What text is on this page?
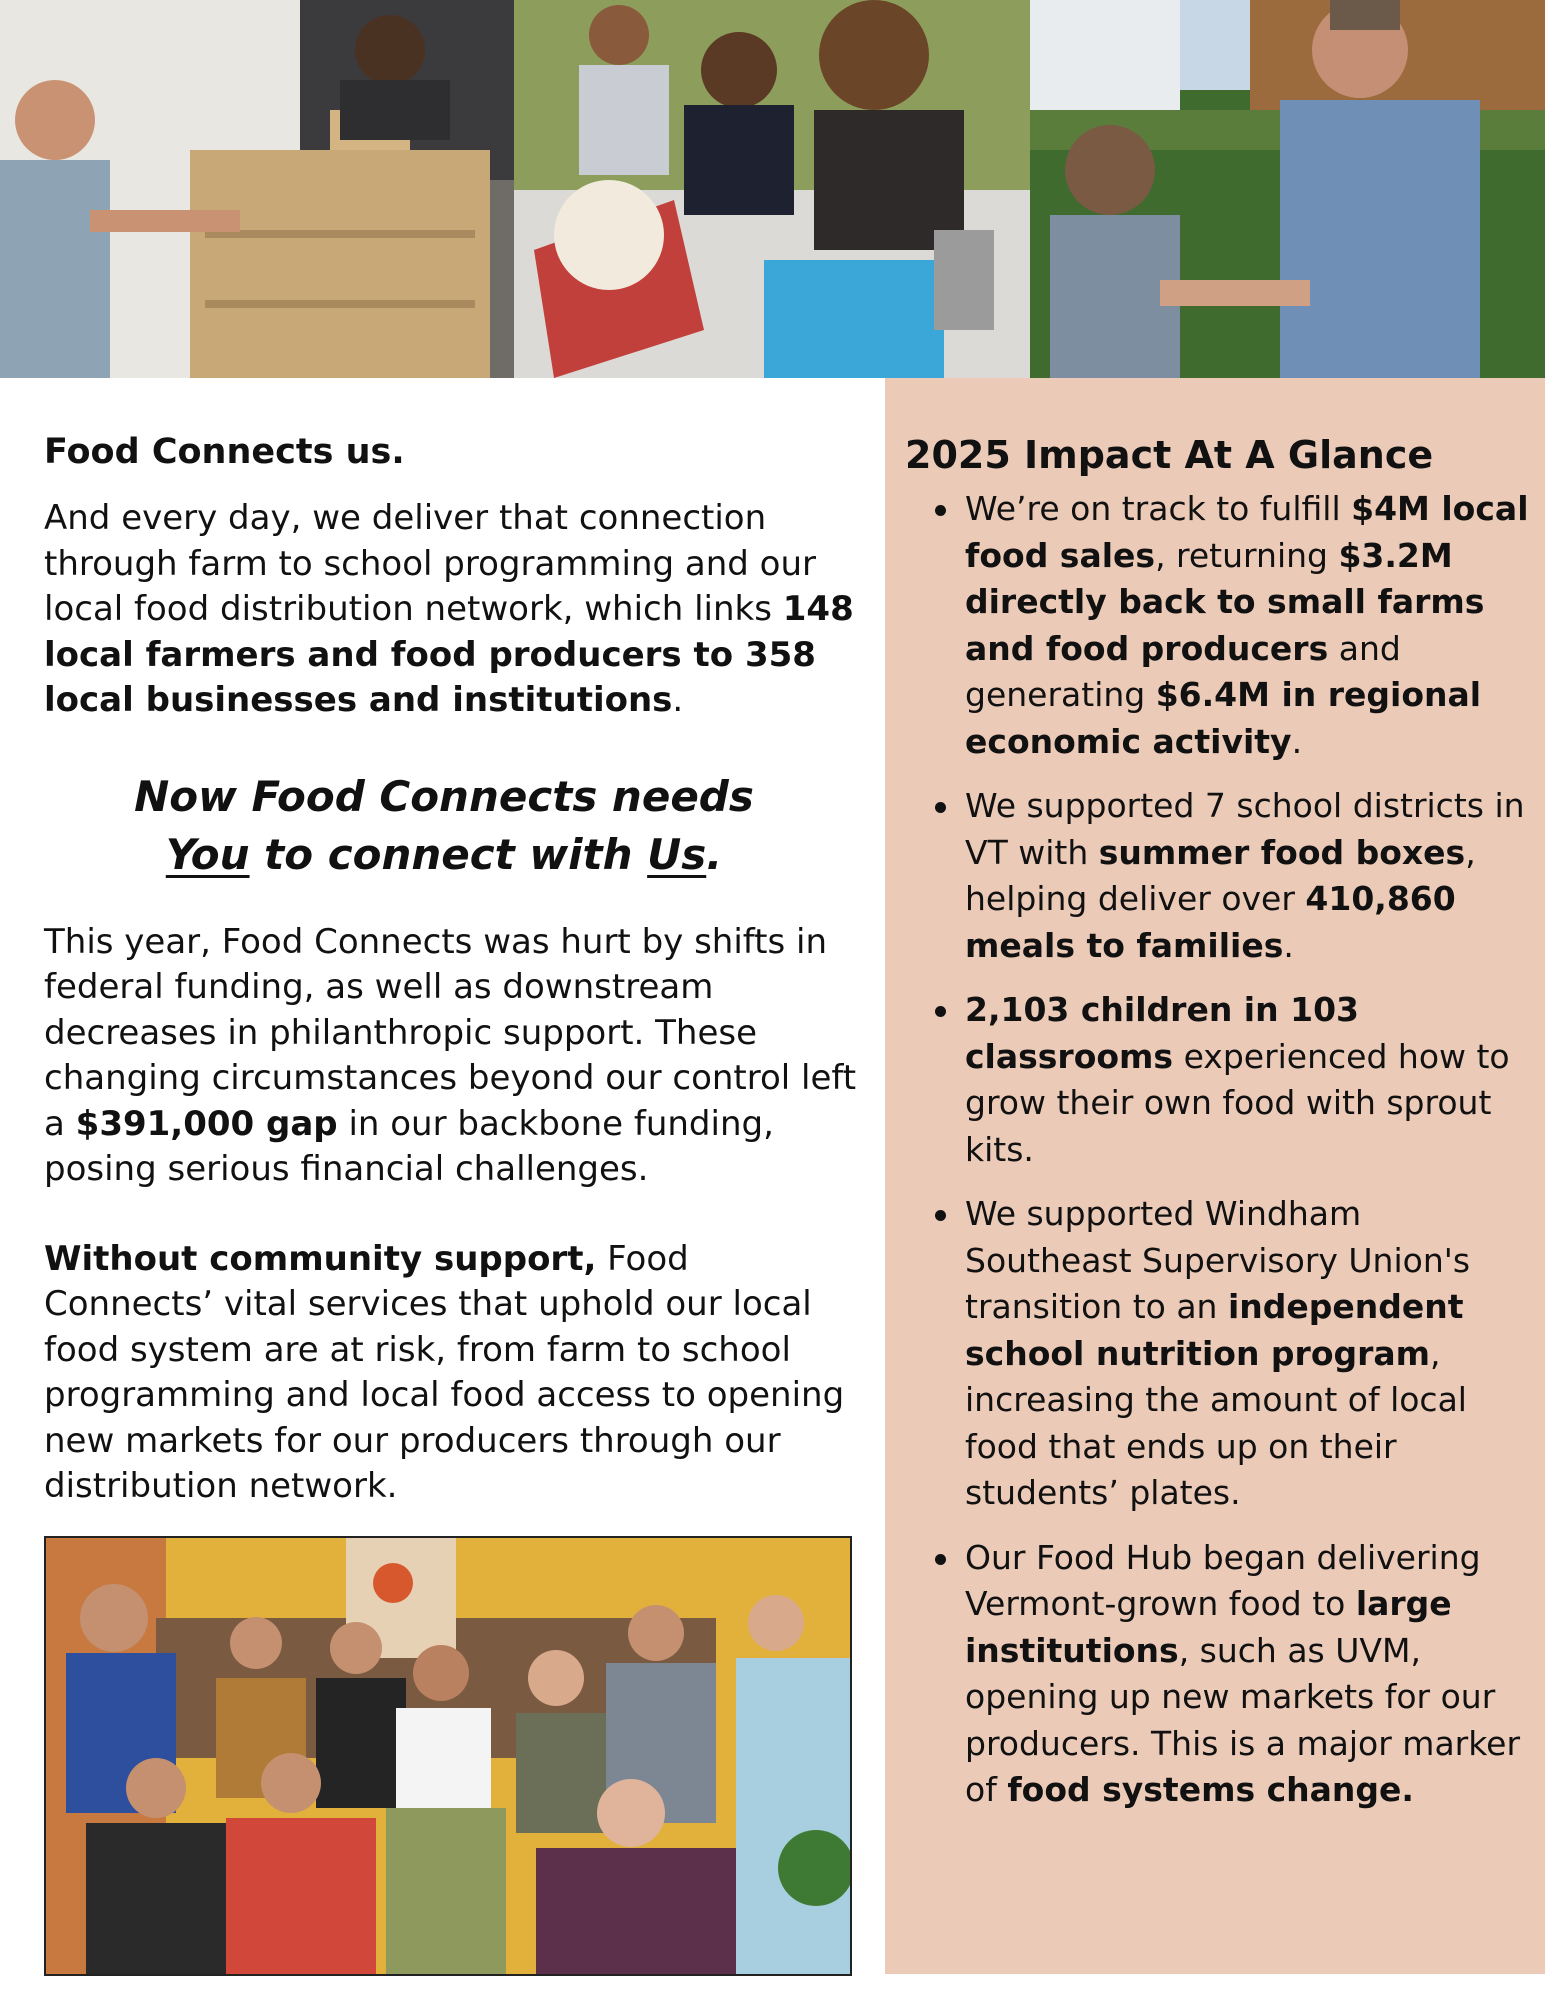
Food Connects us.

And every day, we deliver that connection through farm to school programming and our local food distribution network, which links 148 local farmers and food producers to 358 local businesses and institutions.

Now Food Connects needs
You to connect with Us.

This year, Food Connects was hurt by shifts in federal funding, as well as downstream decreases in philanthropic support. These changing circumstances beyond our control left a $391,000 gap in our backbone funding, posing serious financial challenges.

Without community support, Food Connects’ vital services that uphold our local food system are at risk, from farm to school programming and local food access to opening new markets for our producers through our distribution network.

2025 Impact At A Glance
We’re on track to fulfill $4M local food sales, returning $3.2M directly back to small farms and food producers and generating $6.4M in regional economic activity.
We supported 7 school districts in VT with summer food boxes, helping deliver over 410,860 meals to families.
2,103 children in 103 classrooms experienced how to grow their own food with sprout kits.
We supported Windham Southeast Supervisory Union's transition to an independent school nutrition program, increasing the amount of local food that ends up on their students’ plates.
Our Food Hub began delivering Vermont-grown food to large institutions, such as UVM, opening up new markets for our producers. This is a major marker of food systems change.
